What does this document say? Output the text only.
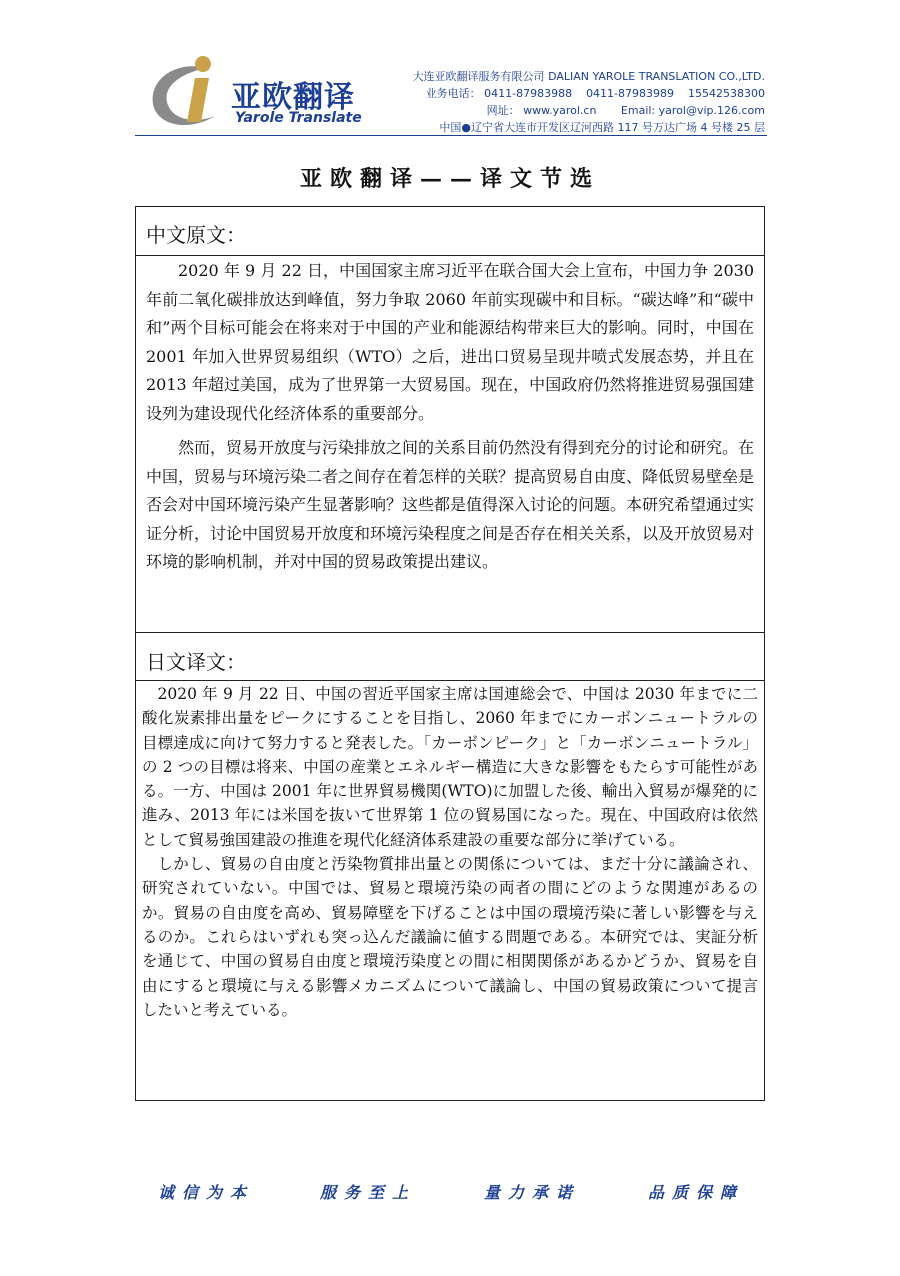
亚欧翻译
Yarole Translate
大连亚欧翻译服务有限公司 DALIAN YAROLE TRANSLATION CO.,LTD.
业务电话： 0411-87983988 0411-87983989 15542538300
网址： www.yarol.cn Email: yarol@vip.126.com
中国●辽宁省大连市开发区辽河西路 117 号万达广场 4 号楼 25 层
亚欧翻译——译文节选
中文原文：

2020 年 9 月 22 日，中国国家主席习近平在联合国大会上宣布，中国力争 2030 年前二氧化碳排放达到峰值，努力争取 2060 年前实现碳中和目标。“碳达峰”和“碳中和”两个目标可能会在将来对于中国的产业和能源结构带来巨大的影响。同时，中国在 2001 年加入世界贸易组织（WTO）之后，进出口贸易呈现井喷式发展态势，并且在 2013 年超过美国，成为了世界第一大贸易国。现在，中国政府仍然将推进贸易强国建设列为建设现代化经济体系的重要部分。

然而，贸易开放度与污染排放之间的关系目前仍然没有得到充分的讨论和研究。在中国，贸易与环境污染二者之间存在着怎样的关联？提高贸易自由度、降低贸易壁垒是否会对中国环境污染产生显著影响？这些都是值得深入讨论的问题。本研究希望通过实证分析，讨论中国贸易开放度和环境污染程度之间是否存在相关关系，以及开放贸易对环境的影响机制，并对中国的贸易政策提出建议。

日文译文：

2020 年 9 月 22 日、中国の習近平国家主席は国連総会で、中国は 2030 年までに二酸化炭素排出量をピークにすることを目指し、2060 年までにカーボンニュートラルの目標達成に向けて努力すると発表した。「カーボンピーク」と「カーボンニュートラル」の 2 つの目標は将来、中国の産業とエネルギー構造に大きな影響をもたらす可能性がある。一方、中国は 2001 年に世界貿易機関(WTO)に加盟した後、輸出入貿易が爆発的に進み、2013 年には米国を抜いて世界第 1 位の貿易国になった。現在、中国政府は依然として貿易強国建設の推進を現代化経済体系建設の重要な部分に挙げている。

しかし、貿易の自由度と汚染物質排出量との関係については、まだ十分に議論され、研究されていない。中国では、貿易と環境汚染の両者の間にどのような関連があるのか。貿易の自由度を高め、貿易障壁を下げることは中国の環境汚染に著しい影響を与えるのか。これらはいずれも突っ込んだ議論に値する問題である。本研究では、実証分析を通じて、中国の貿易自由度と環境汚染度との間に相関関係があるかどうか、貿易を自由にすると環境に与える影響メカニズムについて議論し、中国の貿易政策について提言したいと考えている。

诚信为本	服务至上	量力承诺	品质保障
